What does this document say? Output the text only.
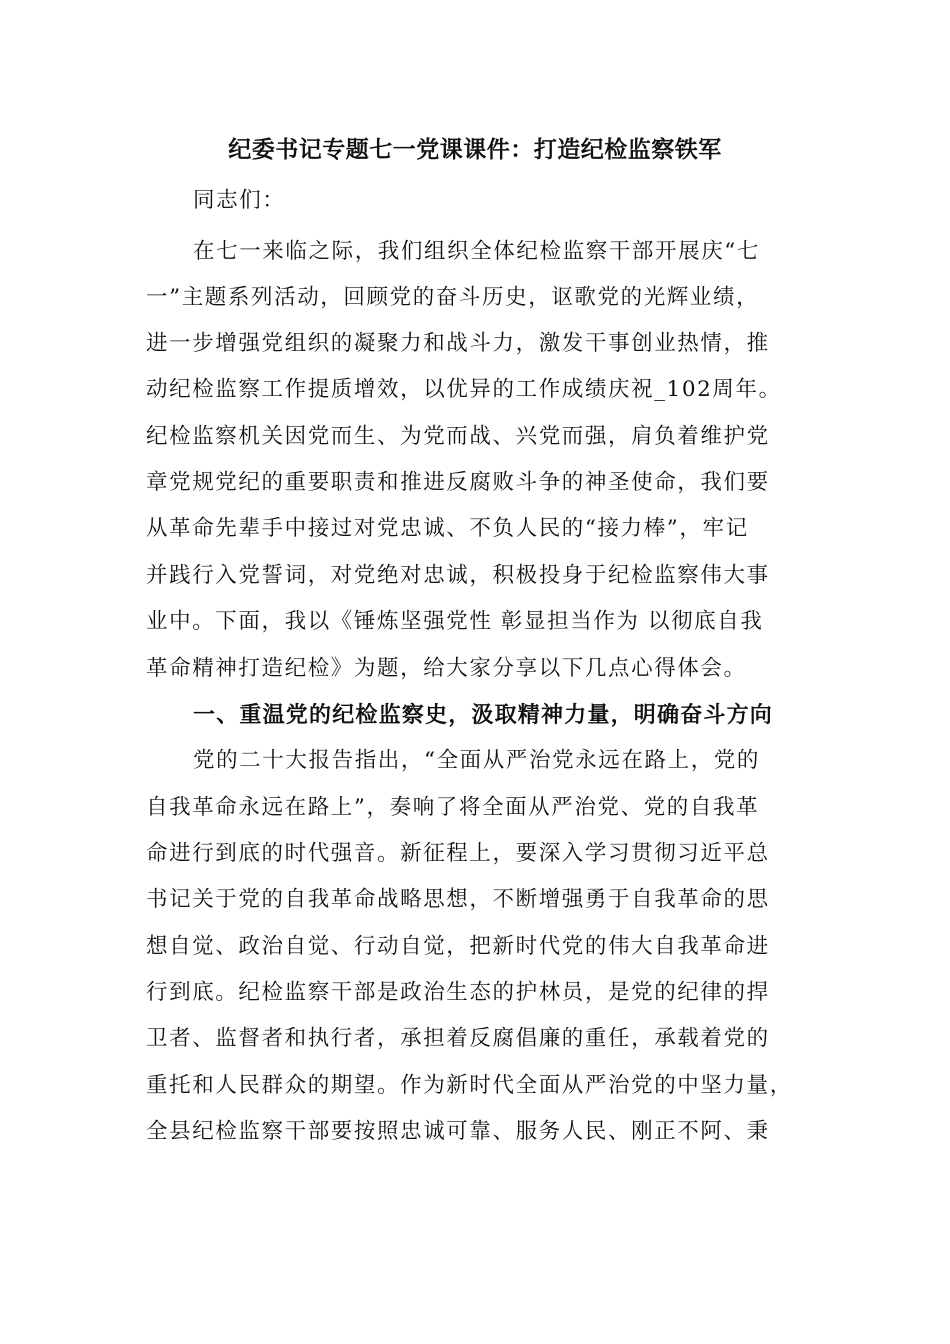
纪委书记专题七一党课课件：打造纪检监察铁军
同志们：
在七一来临之际，我们组织全体纪检监察干部开展庆“七
一”主题系列活动，回顾党的奋斗历史，讴歌党的光辉业绩，
进一步增强党组织的凝聚力和战斗力，激发干事创业热情，推
动纪检监察工作提质增效，以优异的工作成绩庆祝_102周年。
纪检监察机关因党而生、为党而战、兴党而强，肩负着维护党
章党规党纪的重要职责和推进反腐败斗争的神圣使命，我们要
从革命先辈手中接过对党忠诚、不负人民的“接力棒”，牢记
并践行入党誓词，对党绝对忠诚，积极投身于纪检监察伟大事
业中。下面，我以《锤炼坚强党性 彰显担当作为 以彻底自我
革命精神打造纪检》为题，给大家分享以下几点心得体会。
一、重温党的纪检监察史，汲取精神力量，明确奋斗方向
党的二十大报告指出，“全面从严治党永远在路上，党的
自我革命永远在路上”，奏响了将全面从严治党、党的自我革
命进行到底的时代强音。新征程上，要深入学习贯彻习近平总
书记关于党的自我革命战略思想，不断增强勇于自我革命的思
想自觉、政治自觉、行动自觉，把新时代党的伟大自我革命进
行到底。纪检监察干部是政治生态的护林员，是党的纪律的捍
卫者、监督者和执行者，承担着反腐倡廉的重任，承载着党的
重托和人民群众的期望。作为新时代全面从严治党的中坚力量，
全县纪检监察干部要按照忠诚可靠、服务人民、刚正不阿、秉
